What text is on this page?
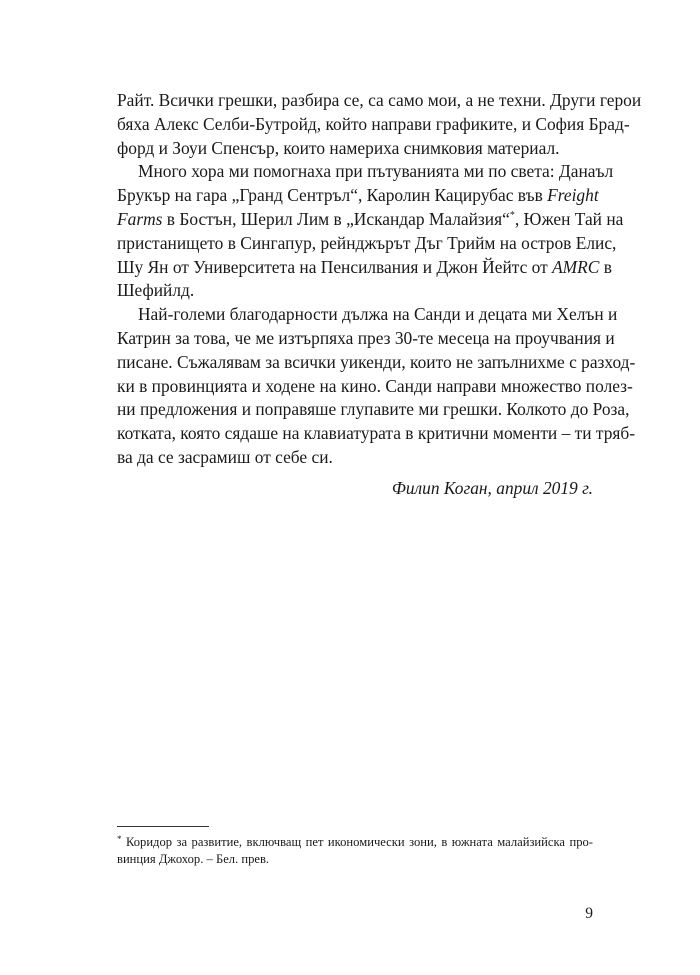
Райт. Всички грешки, разбира се, са само мои, а не техни. Други герои
бяха Алекс Селби-Бутройд, който направи графиките, и София Брад-
форд и Зоуи Спенсър, които намериха снимковия материал.
Много хора ми помогнаха при пътуванията ми по света: Данаъл
Брукър на гара „Гранд Сентръл“, Каролин Кацирубас във Freight
Farms в Бостън, Шерил Лим в „Искандар Малайзия“*, Южен Тай на
пристанището в Сингапур, рейнджърът Дъг Трийм на остров Елис,
Шу Ян от Университета на Пенсилвания и Джон Йейтс от AMRC в
Шефийлд.
Най-големи благодарности дължа на Санди и децата ми Хелън и
Катрин за това, че ме изтърпяха през 30-те месеца на проучвания и
писане. Съжалявам за всички уикенди, които не запълнихме с разход-
ки в провинцията и ходене на кино. Санди направи множество полез-
ни предложения и поправяше глупавите ми грешки. Колкото до Роза,
котката, която сядаше на клавиатурата в критични моменти – ти тряб-
ва да се засрамиш от себе си.
Филип Коган, април 2019 г.
* Коридор за развитие, включващ пет икономически зони, в южната малайзийска про-
винция Джохор. – Бел. прев.
9
